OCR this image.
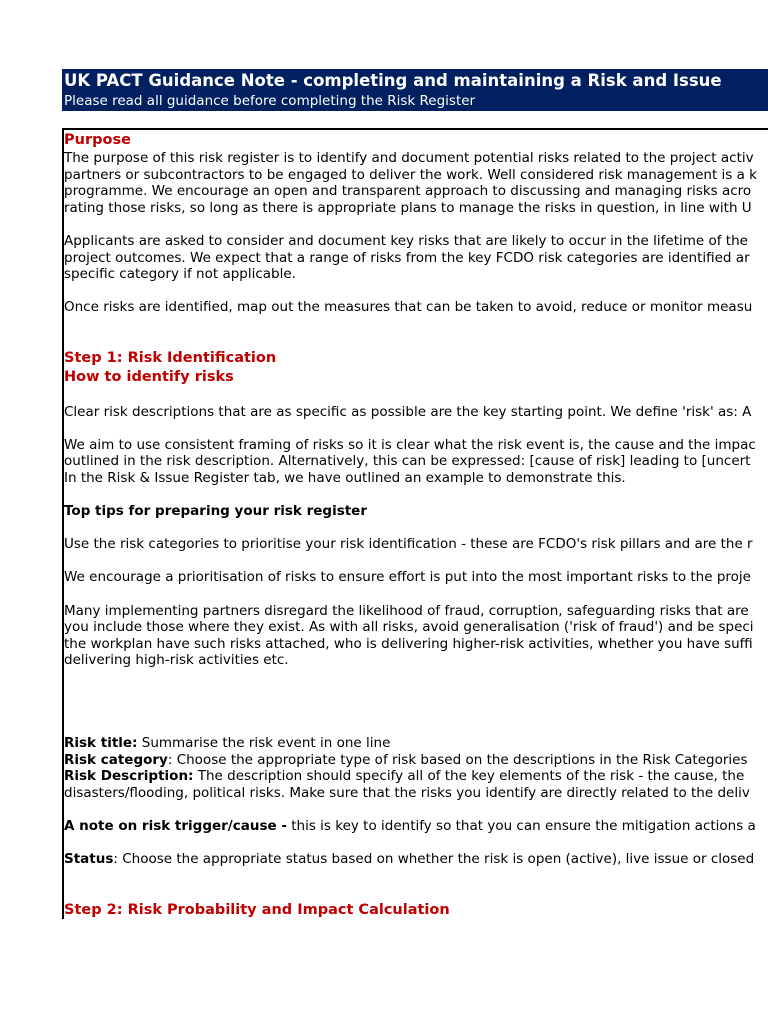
UK PACT Guidance Note - completing and maintaining a Risk and Issue
Please read all guidance before completing the Risk Register

Purpose

The purpose of this risk register is to identify and document potential risks related to the project activ

partners or subcontractors to be engaged to deliver the work. Well considered risk management is a k

programme. We encourage an open and transparent approach to discussing and managing risks acro

rating those risks, so long as there is appropriate plans to manage the risks in question, in line with U

Applicants are asked to consider and document key risks that are likely to occur in the lifetime of the

project outcomes. We expect that a range of risks from the key FCDO risk categories are identified ar

specific category if not applicable.

Once risks are identified, map out the measures that can be taken to avoid, reduce or monitor measu

Step 1: Risk Identification

How to identify risks

Clear risk descriptions that are as specific as possible are the key starting point. We define 'risk' as: A

We aim to use consistent framing of risks so it is clear what the risk event is, the cause and the impac

outlined in the risk description. Alternatively, this can be expressed: [cause of risk] leading to [uncert

In the Risk & Issue Register tab, we have outlined an example to demonstrate this.

Top tips for preparing your risk register

Use the risk categories to prioritise your risk identification - these are FCDO's risk pillars and are the r

We encourage a prioritisation of risks to ensure effort is put into the most important risks to the proje

Many implementing partners disregard the likelihood of fraud, corruption, safeguarding risks that are

you include those where they exist. As with all risks, avoid generalisation ('risk of fraud') and be speci

the workplan have such risks attached, who is delivering higher-risk activities, whether you have suffi

delivering high-risk activities etc.

Risk title: Summarise the risk event in one line

Risk category: Choose the appropriate type of risk based on the descriptions in the Risk Categories

Risk Description: The description should specify all of the key elements of the risk - the cause, the

disasters/flooding, political risks. Make sure that the risks you identify are directly related to the deliv

A note on risk trigger/cause - this is key to identify so that you can ensure the mitigation actions a

Status: Choose the appropriate status based on whether the risk is open (active), live issue or closed

Step 2: Risk Probability and Impact Calculation
